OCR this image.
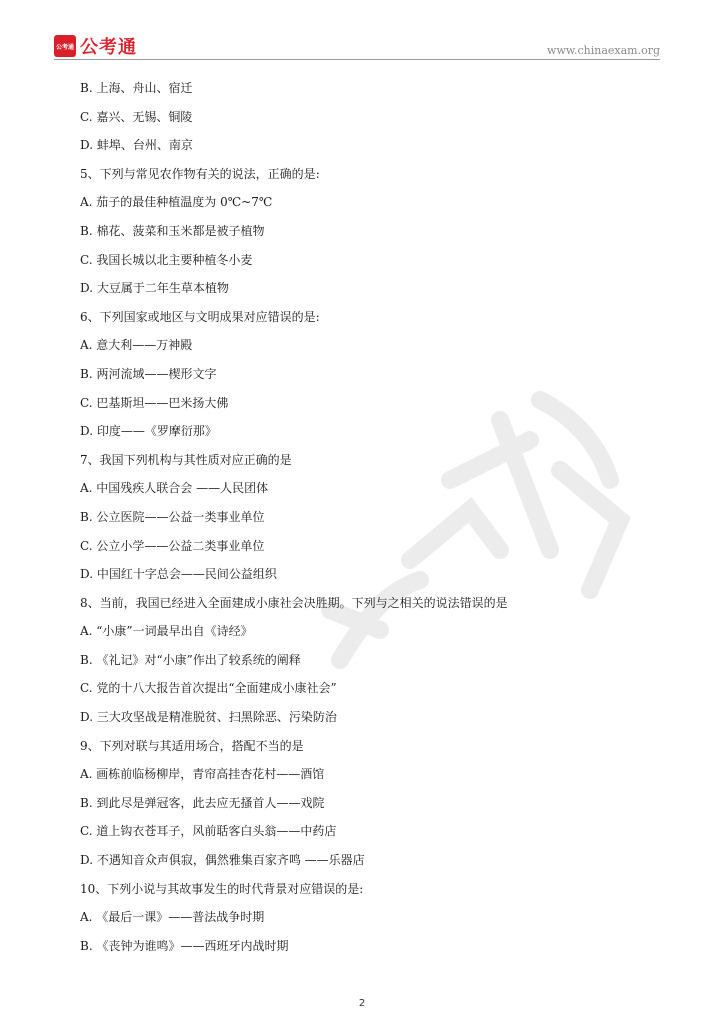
公考通 公考通	www.chinaexam.org
B. 上海、舟山、宿迁
C. 嘉兴、无锡、铜陵
D. 蚌埠、台州、南京
5、下列与常见农作物有关的说法，正确的是:
A. 茄子的最佳种植温度为 0℃~7℃
B. 棉花、菠菜和玉米都是被子植物
C. 我国长城以北主要种植冬小麦
D. 大豆属于二年生草本植物
6、下列国家或地区与文明成果对应错误的是:
A. 意大利——万神殿
B. 两河流域——楔形文字
C. 巴基斯坦——巴米扬大佛
D. 印度——《罗摩衍那》
7、我国下列机构与其性质对应正确的是
A. 中国残疾人联合会 ——人民团体
B. 公立医院——公益一类事业单位
C. 公立小学——公益二类事业单位
D. 中国红十字总会——民间公益组织
8、当前，我国已经进入全面建成小康社会决胜期。下列与之相关的说法错误的是
A. “小康”一词最早出自《诗经》
B. 《礼记》对“小康”作出了较系统的阐释
C. 党的十八大报告首次提出“全面建成小康社会”
D. 三大攻坚战是精准脱贫、扫黑除恶、污染防治
9、下列对联与其适用场合，搭配不当的是
A. 画栋前临杨柳岸，青帘高挂杏花村——酒馆
B. 到此尽是弹冠客，此去应无搔首人——戏院
C. 道上钩衣苍耳子，风前聒客白头翁——中药店
D. 不遇知音众声俱寂，偶然雅集百家齐鸣 ——乐器店
10、下列小说与其故事发生的时代背景对应错误的是:
A. 《最后一课》——普法战争时期
B. 《丧钟为谁鸣》——西班牙内战时期
2
